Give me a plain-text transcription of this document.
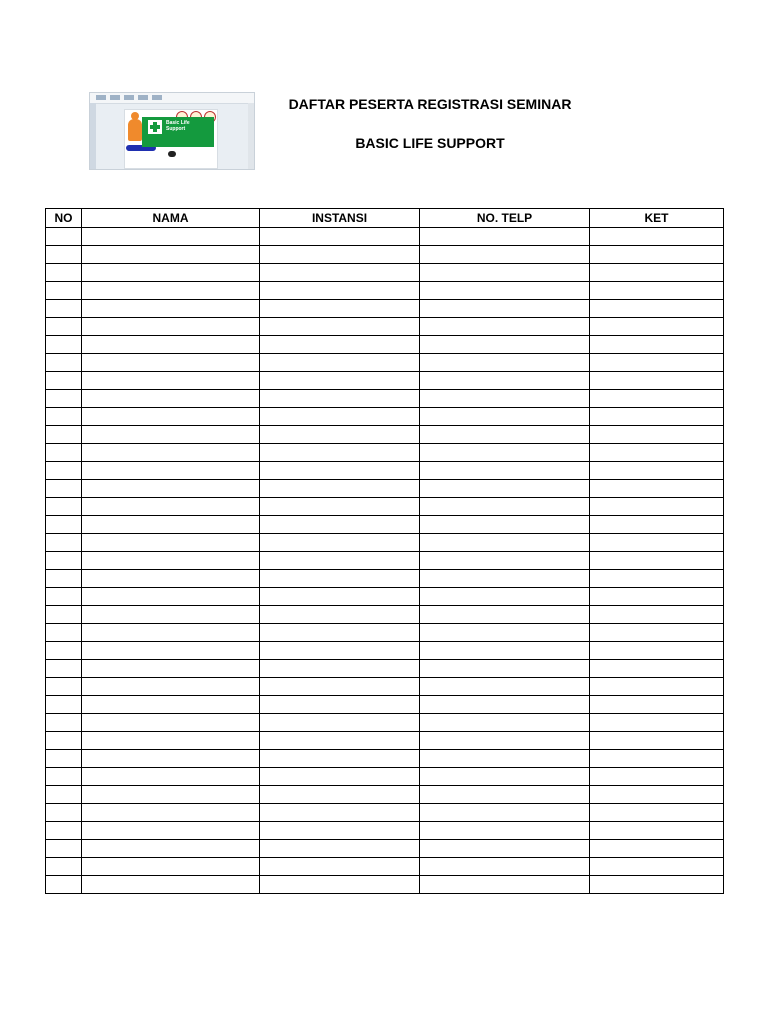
Basic Life Support
DAFTAR PESERTA REGISTRASI SEMINAR
BASIC LIFE SUPPORT
NO	NAMA	INSTANSI	NO. TELP	KET
